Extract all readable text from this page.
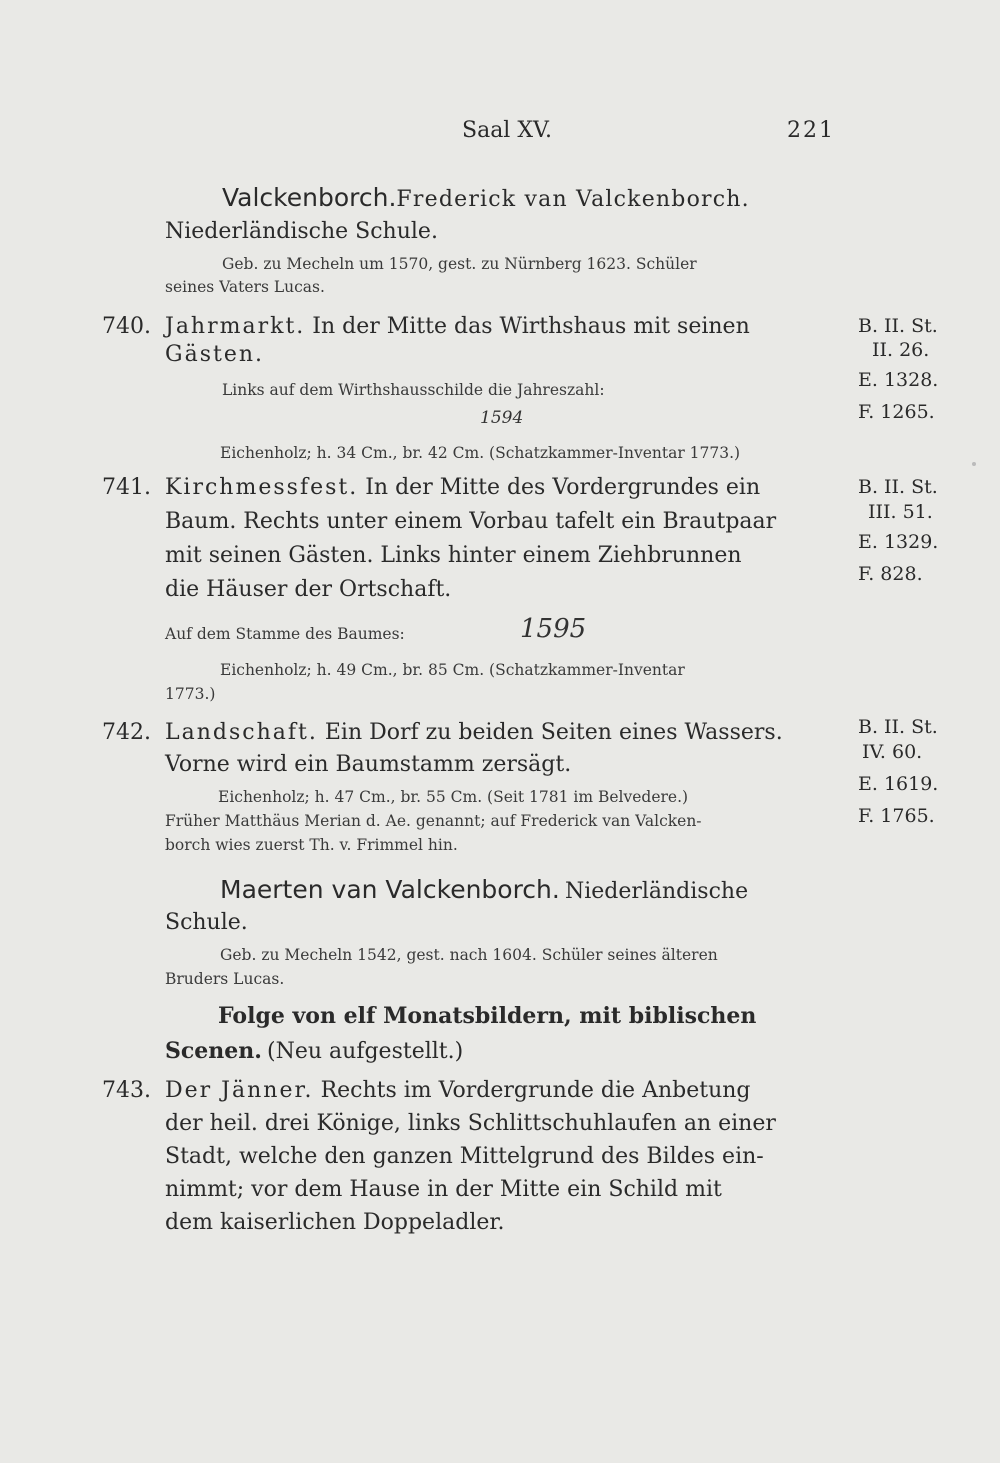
Saal XV.	221
Valckenborch.Frederick van Valckenborch.
Niederländische Schule.
Geb. zu Mecheln um 1570, gest. zu Nürnberg 1623. Schüler
seines Vaters Lucas.
740. Jahrmarkt. In der Mitte das Wirthshaus mit seinen
Gästen.
Links auf dem Wirthshausschilde die Jahreszahl:
1594
Eichenholz; h. 34 Cm., br. 42 Cm. (Schatzkammer-Inventar 1773.)
B. II. St.
II. 26.
E. 1328.
F. 1265.
741. Kirchmessfest. In der Mitte des Vordergrundes ein
Baum. Rechts unter einem Vorbau tafelt ein Brautpaar
mit seinen Gästen. Links hinter einem Ziehbrunnen
die Häuser der Ortschaft.
Auf dem Stamme des Baumes:	1595
Eichenholz; h. 49 Cm., br. 85 Cm. (Schatzkammer-Inventar
1773.)
B. II. St.
III. 51.
E. 1329.
F. 828.
742. Landschaft. Ein Dorf zu beiden Seiten eines Wassers.
Vorne wird ein Baumstamm zersägt.
Eichenholz; h. 47 Cm., br. 55 Cm. (Seit 1781 im Belvedere.)
Früher Matthäus Merian d. Ae. genannt; auf Frederick van Valcken-
borch wies zuerst Th. v. Frimmel hin.
B. II. St.
IV. 60.
E. 1619.
F. 1765.
Maerten van Valckenborch. Niederländische
Schule.
Geb. zu Mecheln 1542, gest. nach 1604. Schüler seines älteren
Bruders Lucas.
Folge von elf Monatsbildern, mit biblischen
Scenen. (Neu aufgestellt.)
743. Der Jänner. Rechts im Vordergrunde die Anbetung
der heil. drei Könige, links Schlittschuhlaufen an einer
Stadt, welche den ganzen Mittelgrund des Bildes ein-
nimmt; vor dem Hause in der Mitte ein Schild mit
dem kaiserlichen Doppeladler.
